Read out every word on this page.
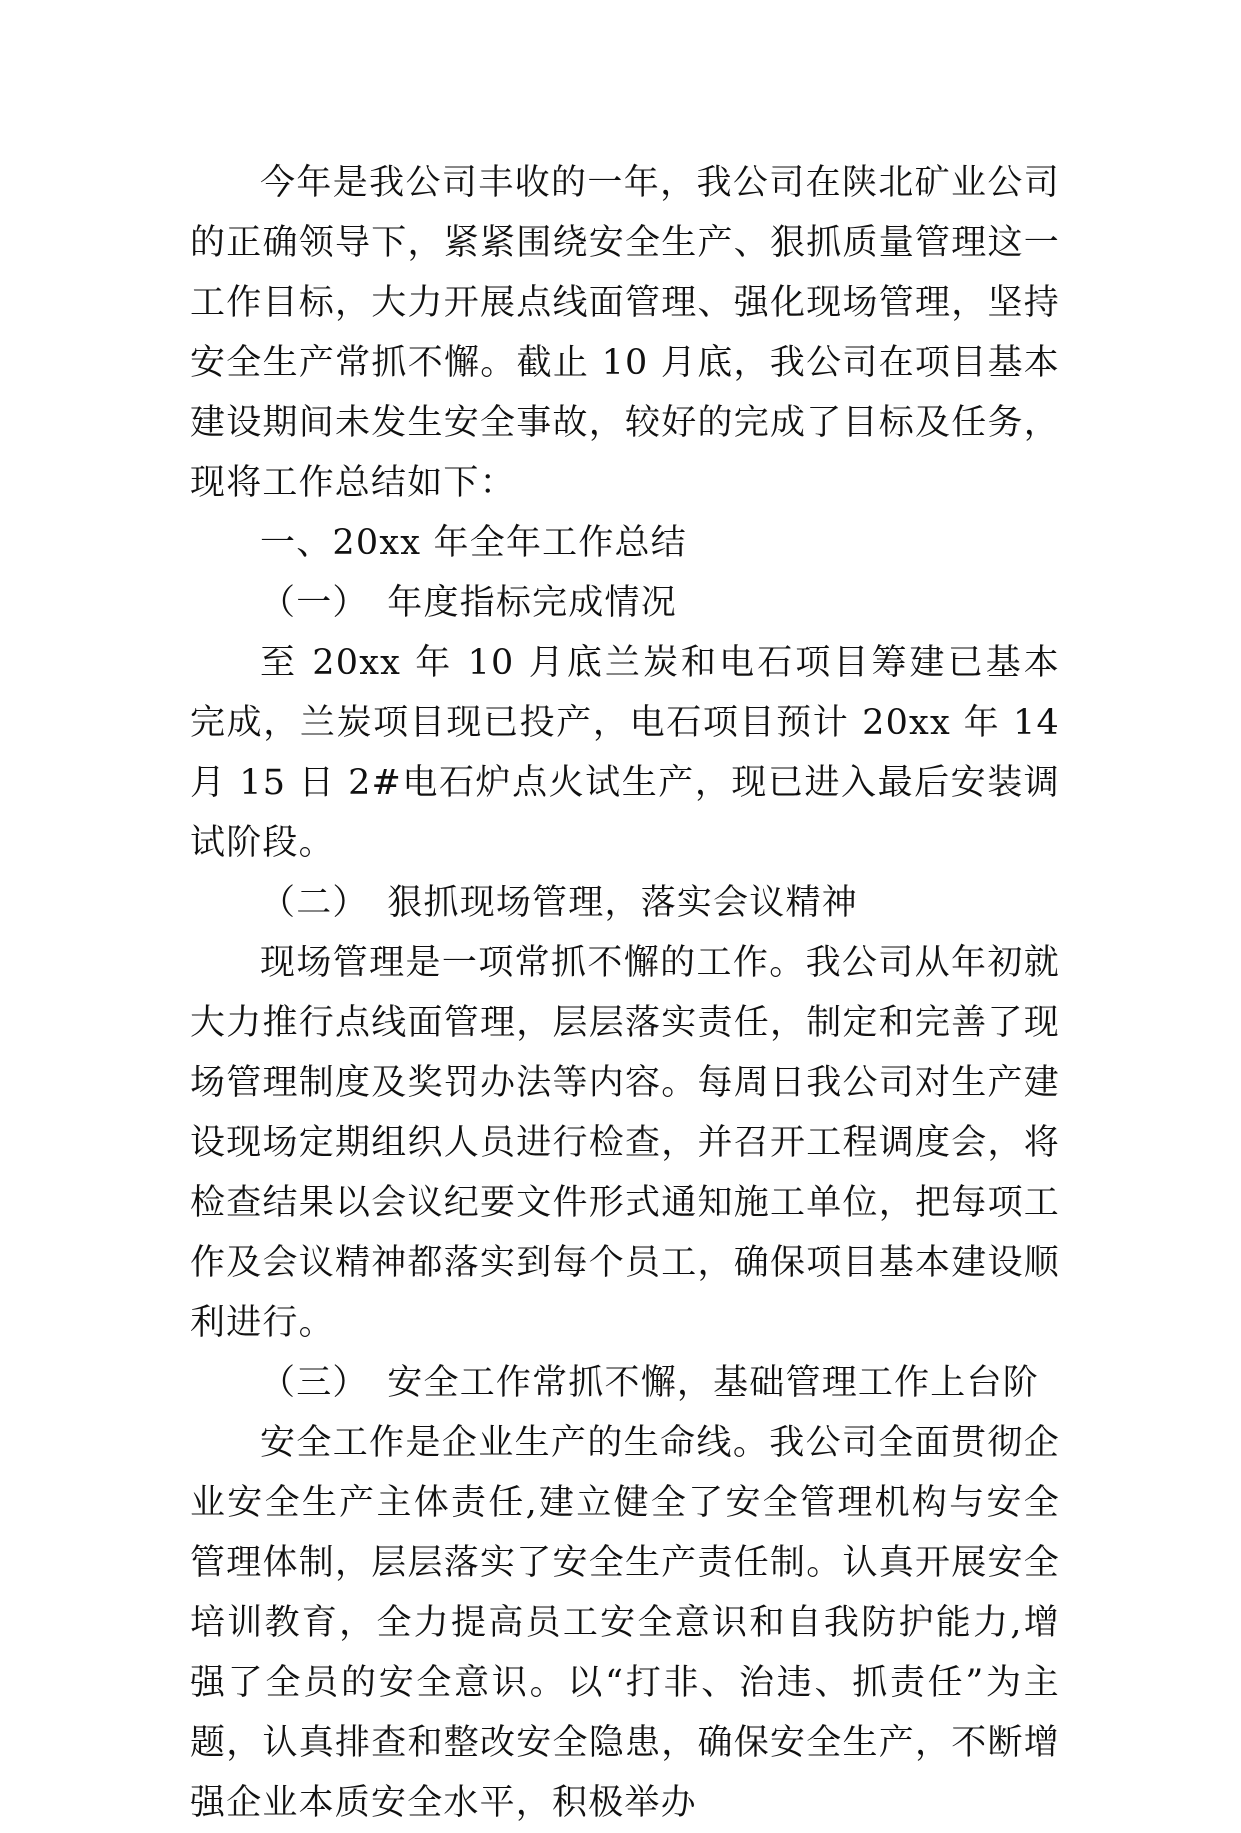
今年是我公司丰收的一年，我公司在陕北矿业公司的正确领导下，紧紧围绕安全生产、狠抓质量管理这一工作目标，大力开展点线面管理、强化现场管理，坚持安全生产常抓不懈。截止 10 月底，我公司在项目基本建设期间未发生安全事故，较好的完成了目标及任务，现将工作总结如下：

一、20xx 年全年工作总结

（一）　年度指标完成情况

至 20xx 年 10 月底兰炭和电石项目筹建已基本完成，兰炭项目现已投产，电石项目预计 20xx 年 14 月 15 日 2#电石炉点火试生产，现已进入最后安装调试阶段。

（二）　狠抓现场管理，落实会议精神

现场管理是一项常抓不懈的工作。我公司从年初就大力推行点线面管理，层层落实责任，制定和完善了现场管理制度及奖罚办法等内容。每周日我公司对生产建设现场定期组织人员进行检查，并召开工程调度会，将检查结果以会议纪要文件形式通知施工单位，把每项工作及会议精神都落实到每个员工，确保项目基本建设顺利进行。

（三）　安全工作常抓不懈，基础管理工作上台阶

安全工作是企业生产的生命线。我公司全面贯彻企业安全生产主体责任,建立健全了安全管理机构与安全管理体制，层层落实了安全生产责任制。认真开展安全培训教育，全力提高员工安全意识和自我防护能力,增强了全员的安全意识。以“打非、治违、抓责任”为主题，认真排查和整改安全隐患，确保安全生产，不断增强企业本质安全水平，积极举办
